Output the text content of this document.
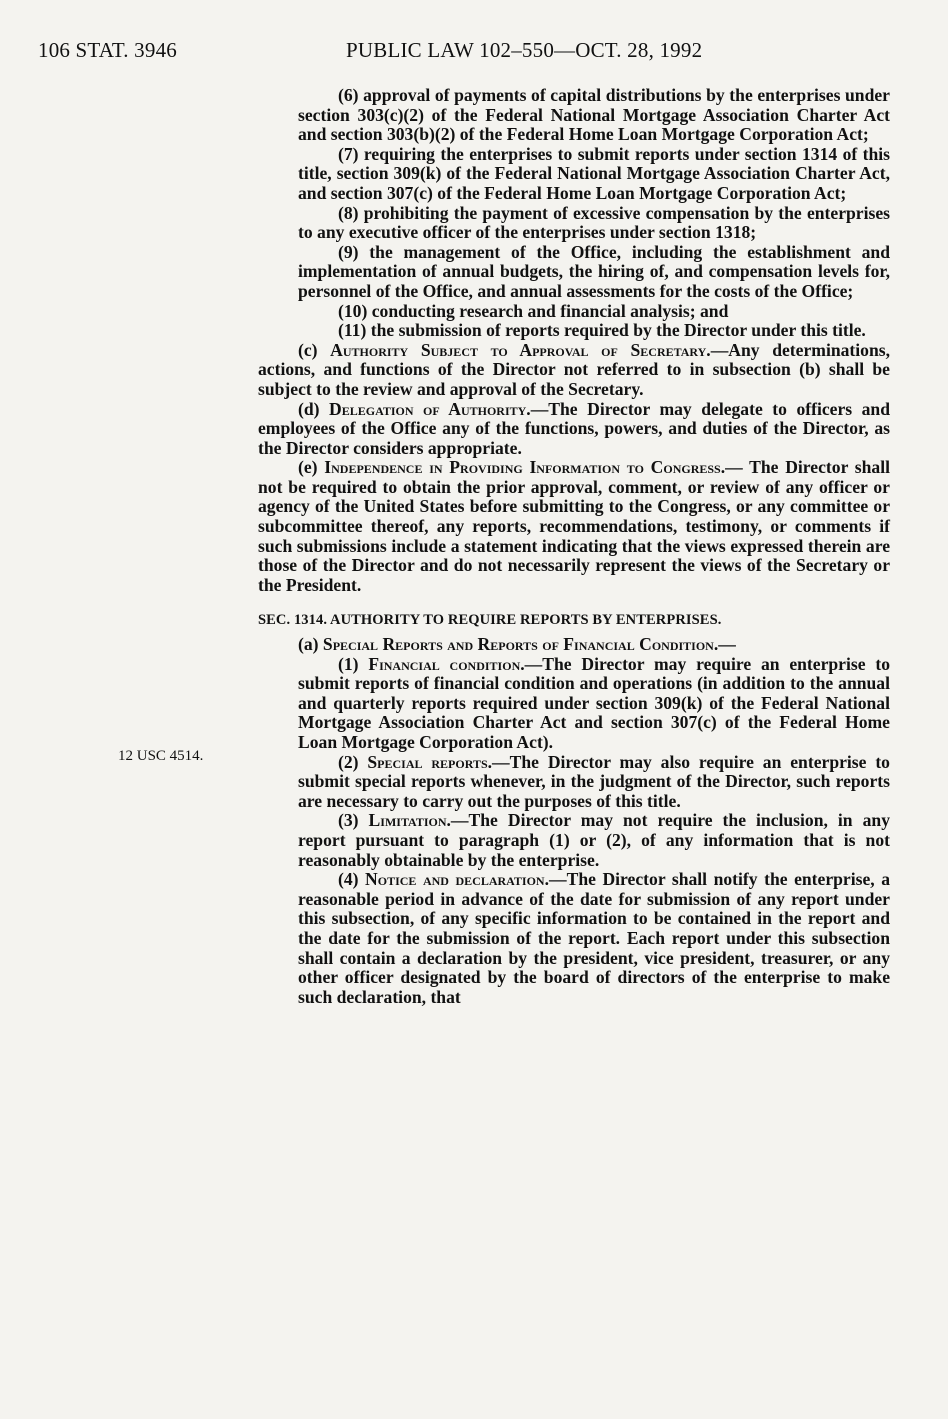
106 STAT. 3946	PUBLIC LAW 102–550—OCT. 28, 1992
12 USC 4514.

(6) approval of payments of capital distributions by the enterprises under section 303(c)(2) of the Federal National Mortgage Association Charter Act and section 303(b)(2) of the Federal Home Loan Mortgage Corporation Act;

(7) requiring the enterprises to submit reports under section 1314 of this title, section 309(k) of the Federal National Mortgage Association Charter Act, and section 307(c) of the Federal Home Loan Mortgage Corporation Act;

(8) prohibiting the payment of excessive compensation by the enterprises to any executive officer of the enterprises under section 1318;

(9) the management of the Office, including the establishment and implementation of annual budgets, the hiring of, and compensation levels for, personnel of the Office, and annual assessments for the costs of the Office;

(10) conducting research and financial analysis; and

(11) the submission of reports required by the Director under this title.

(c) Authority Subject to Approval of Secretary.—Any determinations, actions, and functions of the Director not referred to in subsection (b) shall be subject to the review and approval of the Secretary.

(d) Delegation of Authority.—The Director may delegate to officers and employees of the Office any of the functions, powers, and duties of the Director, as the Director considers appropriate.

(e) Independence in Providing Information to Congress.— The Director shall not be required to obtain the prior approval, comment, or review of any officer or agency of the United States before submitting to the Congress, or any committee or subcommittee thereof, any reports, recommendations, testimony, or comments if such submissions include a statement indicating that the views expressed therein are those of the Director and do not necessarily represent the views of the Secretary or the President.

SEC. 1314. AUTHORITY TO REQUIRE REPORTS BY ENTERPRISES.

(a) Special Reports and Reports of Financial Condition.—

(1) Financial condition.—The Director may require an enterprise to submit reports of financial condition and operations (in addition to the annual and quarterly reports required under section 309(k) of the Federal National Mortgage Association Charter Act and section 307(c) of the Federal Home Loan Mortgage Corporation Act).

(2) Special reports.—The Director may also require an enterprise to submit special reports whenever, in the judgment of the Director, such reports are necessary to carry out the purposes of this title.

(3) Limitation.—The Director may not require the inclusion, in any report pursuant to paragraph (1) or (2), of any information that is not reasonably obtainable by the enterprise.

(4) Notice and declaration.—The Director shall notify the enterprise, a reasonable period in advance of the date for submission of any report under this subsection, of any specific information to be contained in the report and the date for the submission of the report. Each report under this subsection shall contain a declaration by the president, vice president, treasurer, or any other officer designated by the board of directors of the enterprise to make such declaration, that
